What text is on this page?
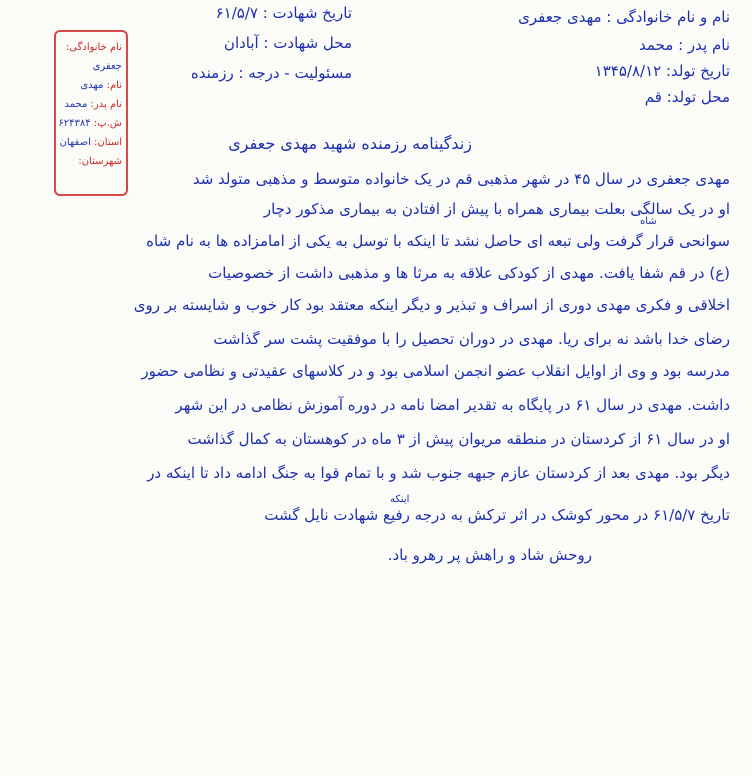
نام و نام خانوادگی : مهدی جعفری
نام پدر : محمد
تاریخ تولد: ۱۳۴۵/۸/۱۲
محل تولد: قم
تاریخ شهادت : ۶۱/۵/۷
محل شهادت : آبادان
مسئولیت - درجه : رزمنده
نام خانوادگی: جعفری
نام: مهدی
نام پدر: محمد
ش.پ: ۶۲۴۳۸۴
استان: اصفهان
شهرستان:
زندگینامه رزمنده شهید مهدی جعفری
مهدی جعفری در سال ۴۵ در شهر مذهبی قم در یک خانواده متوسط و مذهبی متولد شد
او در یک سالگی بعلت بیماری همراه با پیش از افتادن به بیماری مذکور دچار
سوانحی قرار گرفت ولی تبعه ای حاصل نشد تا اینکه با توسل به یکی از امامزاده ها به نام شاه
(ع) در قم شفا یافت. مهدی از کودکی علاقه به مرثا ها و مذهبی داشت از خصوصیات
اخلاقی و فکری مهدی دوری از اسراف و تبذیر و دیگر اینکه معتقد بود کار خوب و شایسته بر روی
رضای خدا باشد نه برای ریا. مهدی در دوران تحصیل را با موفقیت پشت سر گذاشت
مدرسه بود و وی از اوایل انقلاب عضو انجمن اسلامی بود و در کلاسهای عقیدتی و نظامی حضور
داشت. مهدی در سال ۶۱ در پایگاه به تقدیر امضا نامه در دوره آموزش نظامی در این شهر
او در سال ۶۱ از کردستان در منطقه مریوان پیش از ۳ ماه در کوهستان به کمال گذاشت
دیگر بود. مهدی بعد از کردستان عازم جبهه جنوب شد و با تمام قوا به جنگ ادامه داد تا اینکه در
تاریخ ۶۱/۵/۷ در محور کوشک در اثر ترکش به درجه رفیع شهادت نایل گشت
روحش شاد و راهش پر رهرو باد.
اینکه
شاه
